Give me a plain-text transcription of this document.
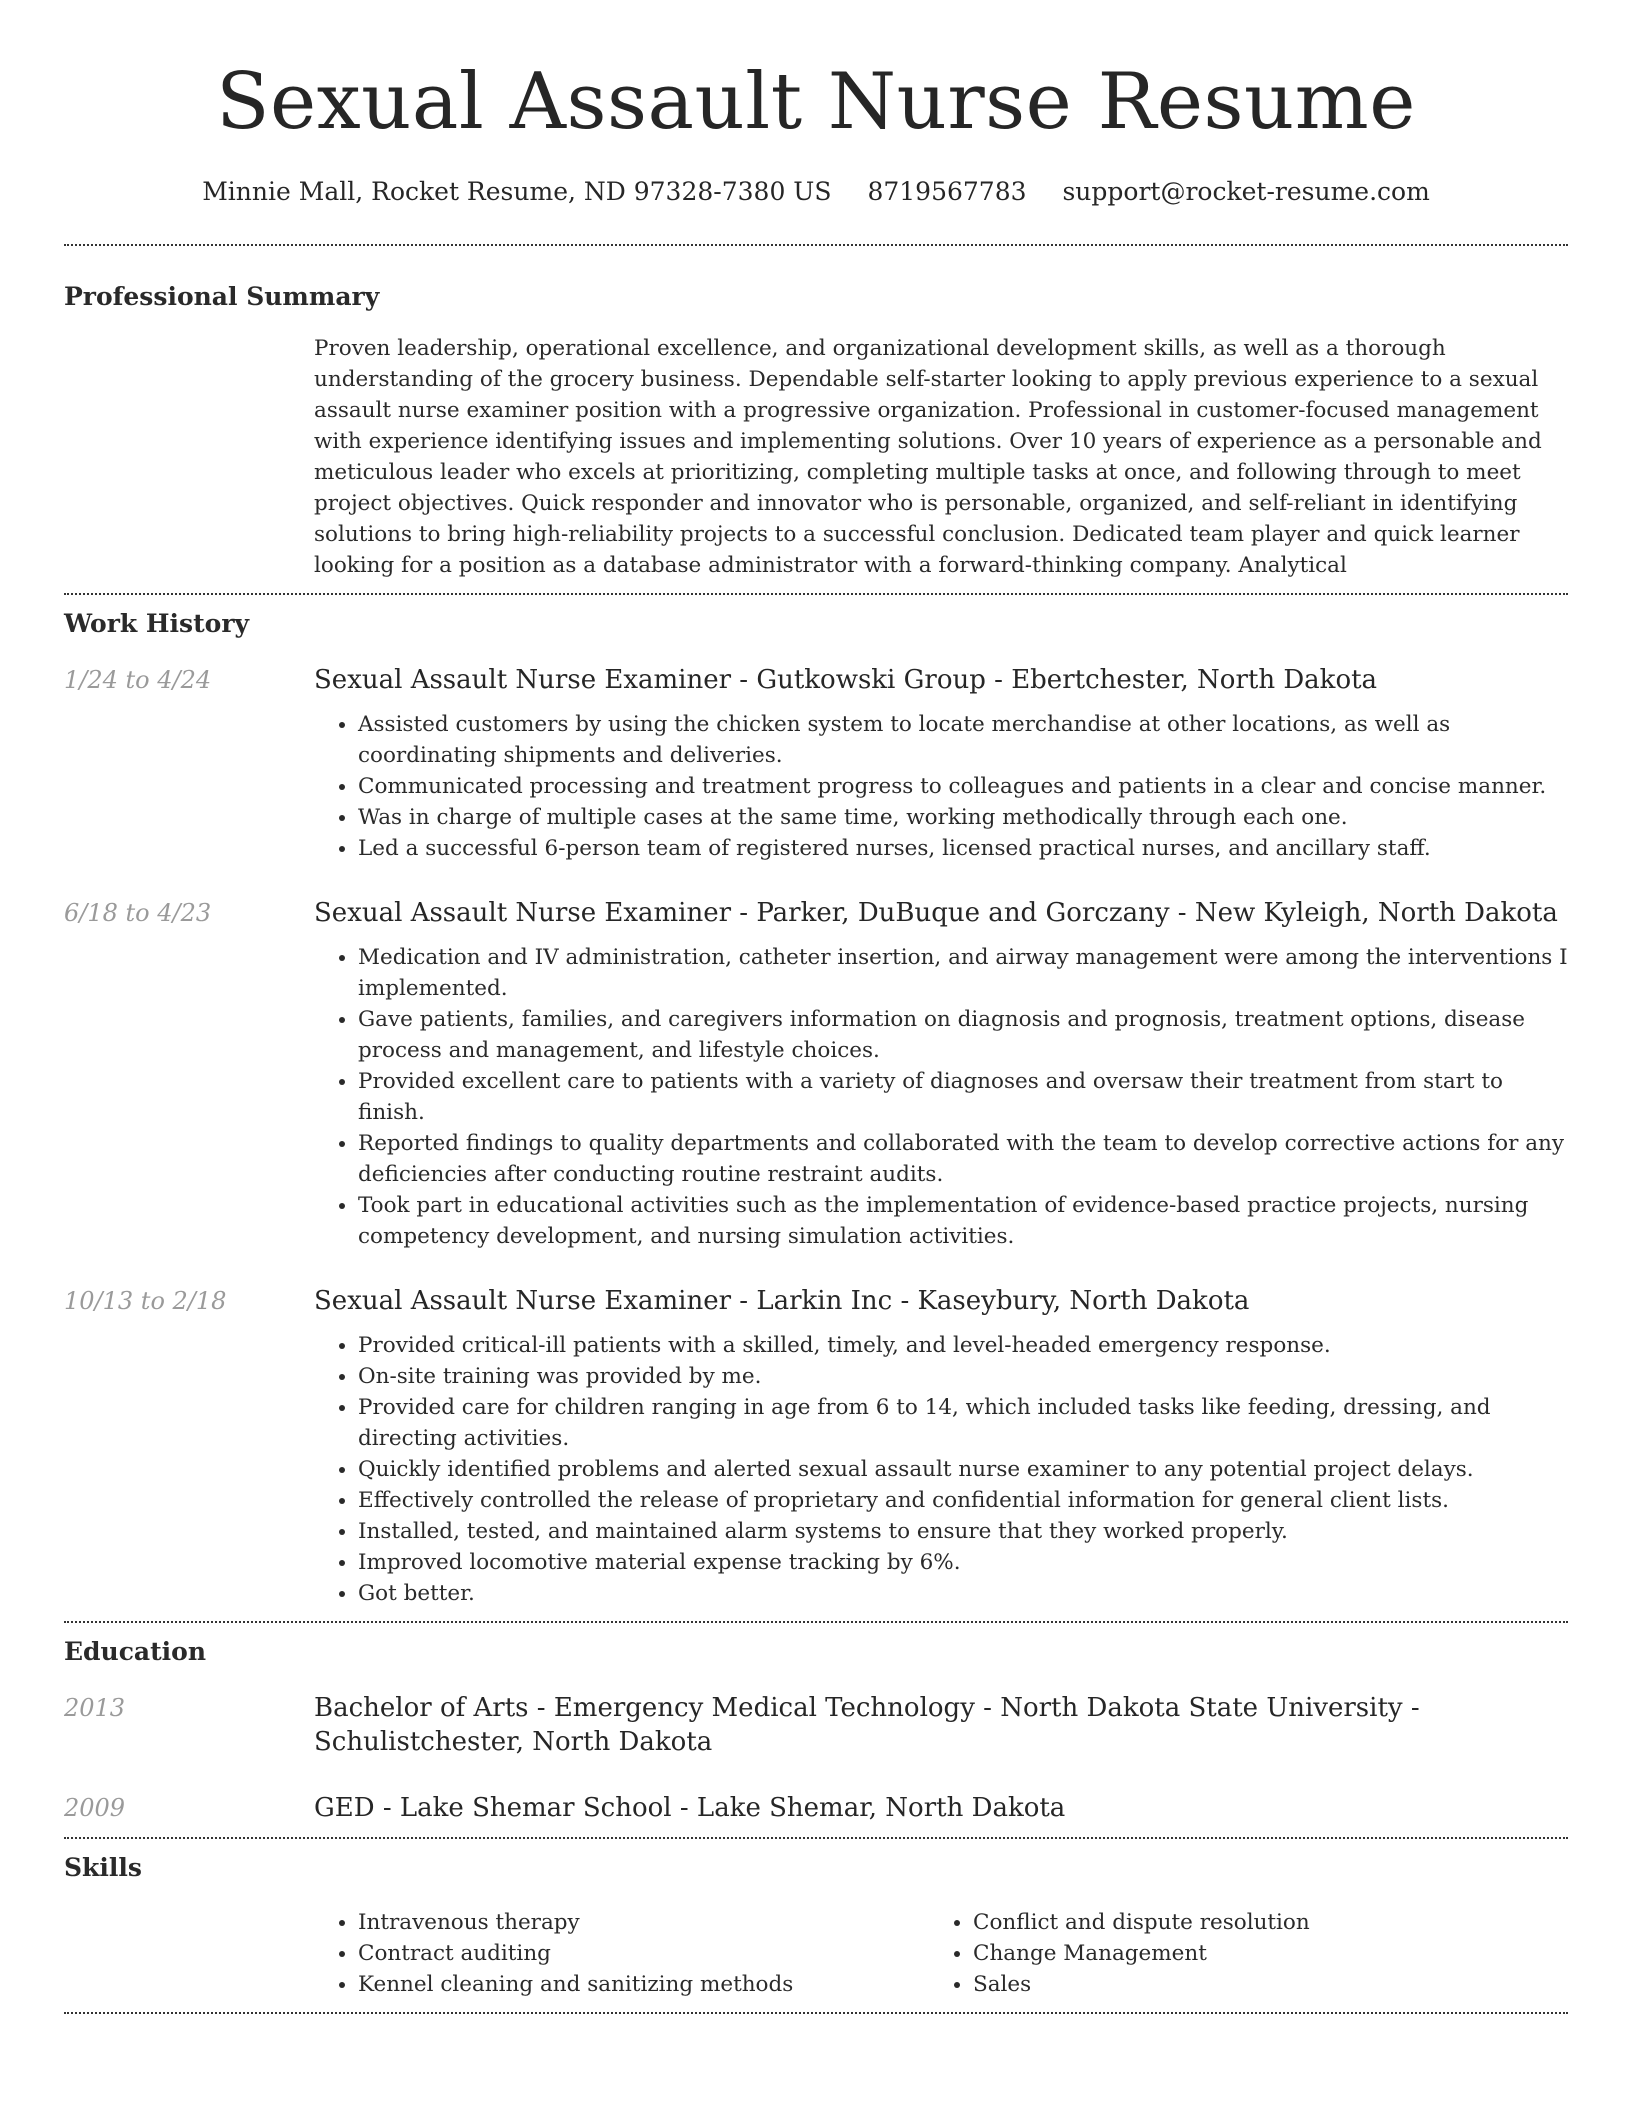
Sexual Assault Nurse Resume
Minnie Mall, Rocket Resume, ND 97328-7380 US 8719567783 support@rocket-resume.com
Professional Summary

Proven leadership, operational excellence, and organizational development skills, as well as a thorough understanding of the grocery business. Dependable self-starter looking to apply previous experience to a sexual assault nurse examiner position with a progressive organization. Professional in customer-focused management with experience identifying issues and implementing solutions. Over 10 years of experience as a personable and meticulous leader who excels at prioritizing, completing multiple tasks at once, and following through to meet project objectives. Quick responder and innovator who is personable, organized, and self-reliant in identifying solutions to bring high-reliability projects to a successful conclusion. Dedicated team player and quick learner looking for a position as a database administrator with a forward-thinking company. Analytical

Work History
1/24 to 4/24	Sexual Assault Nurse Examiner - Gutkowski Group - Ebertchester, North Dakota
• Assisted customers by using the chicken system to locate merchandise at other locations, as well as coordinating shipments and deliveries.
• Communicated processing and treatment progress to colleagues and patients in a clear and concise manner.
• Was in charge of multiple cases at the same time, working methodically through each one.
• Led a successful 6-person team of registered nurses, licensed practical nurses, and ancillary staff.
6/18 to 4/23	Sexual Assault Nurse Examiner - Parker, DuBuque and Gorczany - New Kyleigh, North Dakota
• Medication and IV administration, catheter insertion, and airway management were among the interventions I implemented.
• Gave patients, families, and caregivers information on diagnosis and prognosis, treatment options, disease process and management, and lifestyle choices.
• Provided excellent care to patients with a variety of diagnoses and oversaw their treatment from start to finish.
• Reported findings to quality departments and collaborated with the team to develop corrective actions for any deficiencies after conducting routine restraint audits.
• Took part in educational activities such as the implementation of evidence-based practice projects, nursing competency development, and nursing simulation activities.
10/13 to 2/18	Sexual Assault Nurse Examiner - Larkin Inc - Kaseybury, North Dakota
• Provided critical-ill patients with a skilled, timely, and level-headed emergency response.
• On-site training was provided by me.
• Provided care for children ranging in age from 6 to 14, which included tasks like feeding, dressing, and directing activities.
• Quickly identified problems and alerted sexual assault nurse examiner to any potential project delays.
• Effectively controlled the release of proprietary and confidential information for general client lists.
• Installed, tested, and maintained alarm systems to ensure that they worked properly.
• Improved locomotive material expense tracking by 6%.
• Got better.
Education
2013	Bachelor of Arts - Emergency Medical Technology - North Dakota State University - Schulistchester, North Dakota
2009	GED - Lake Shemar School - Lake Shemar, North Dakota
Skills
• Intravenous therapy
• Contract auditing
• Kennel cleaning and sanitizing methods
• Conflict and dispute resolution
• Change Management
• Sales
